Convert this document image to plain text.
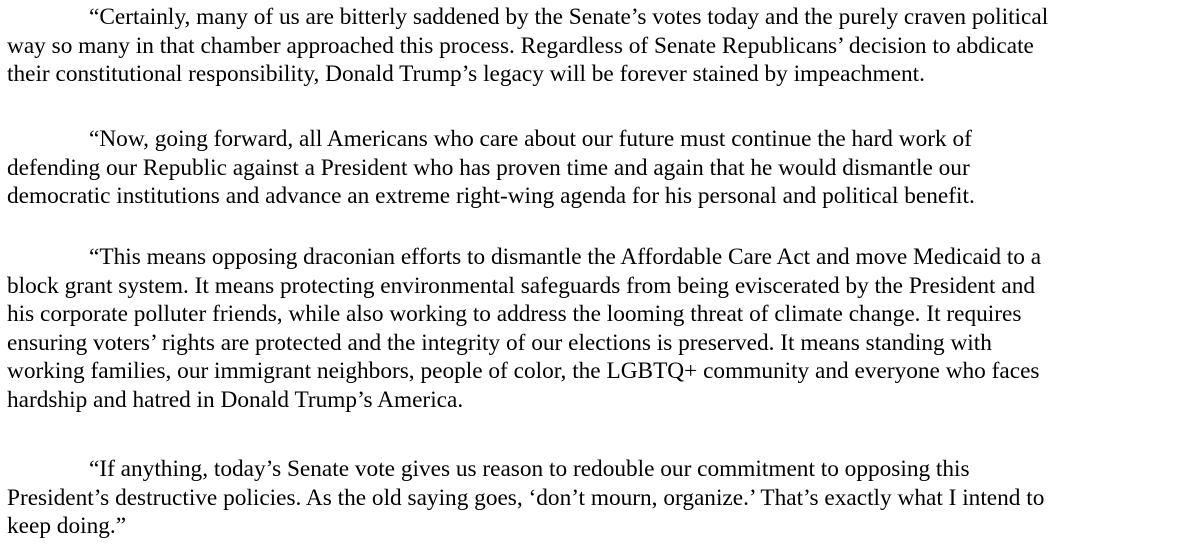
“Certainly, many of us are bitterly saddened by the Senate’s votes today and the purely craven political
way so many in that chamber approached this process. Regardless of Senate Republicans’ decision to abdicate
their constitutional responsibility, Donald Trump’s legacy will be forever stained by impeachment.
“Now, going forward, all Americans who care about our future must continue the hard work of
defending our Republic against a President who has proven time and again that he would dismantle our
democratic institutions and advance an extreme right-wing agenda for his personal and political benefit.
“This means opposing draconian efforts to dismantle the Affordable Care Act and move Medicaid to a
block grant system. It means protecting environmental safeguards from being eviscerated by the President and
his corporate polluter friends, while also working to address the looming threat of climate change. It requires
ensuring voters’ rights are protected and the integrity of our elections is preserved. It means standing with
working families, our immigrant neighbors, people of color, the LGBTQ+ community and everyone who faces
hardship and hatred in Donald Trump’s America.
“If anything, today’s Senate vote gives us reason to redouble our commitment to opposing this
President’s destructive policies. As the old saying goes, ‘don’t mourn, organize.’ That’s exactly what I intend to
keep doing.”
